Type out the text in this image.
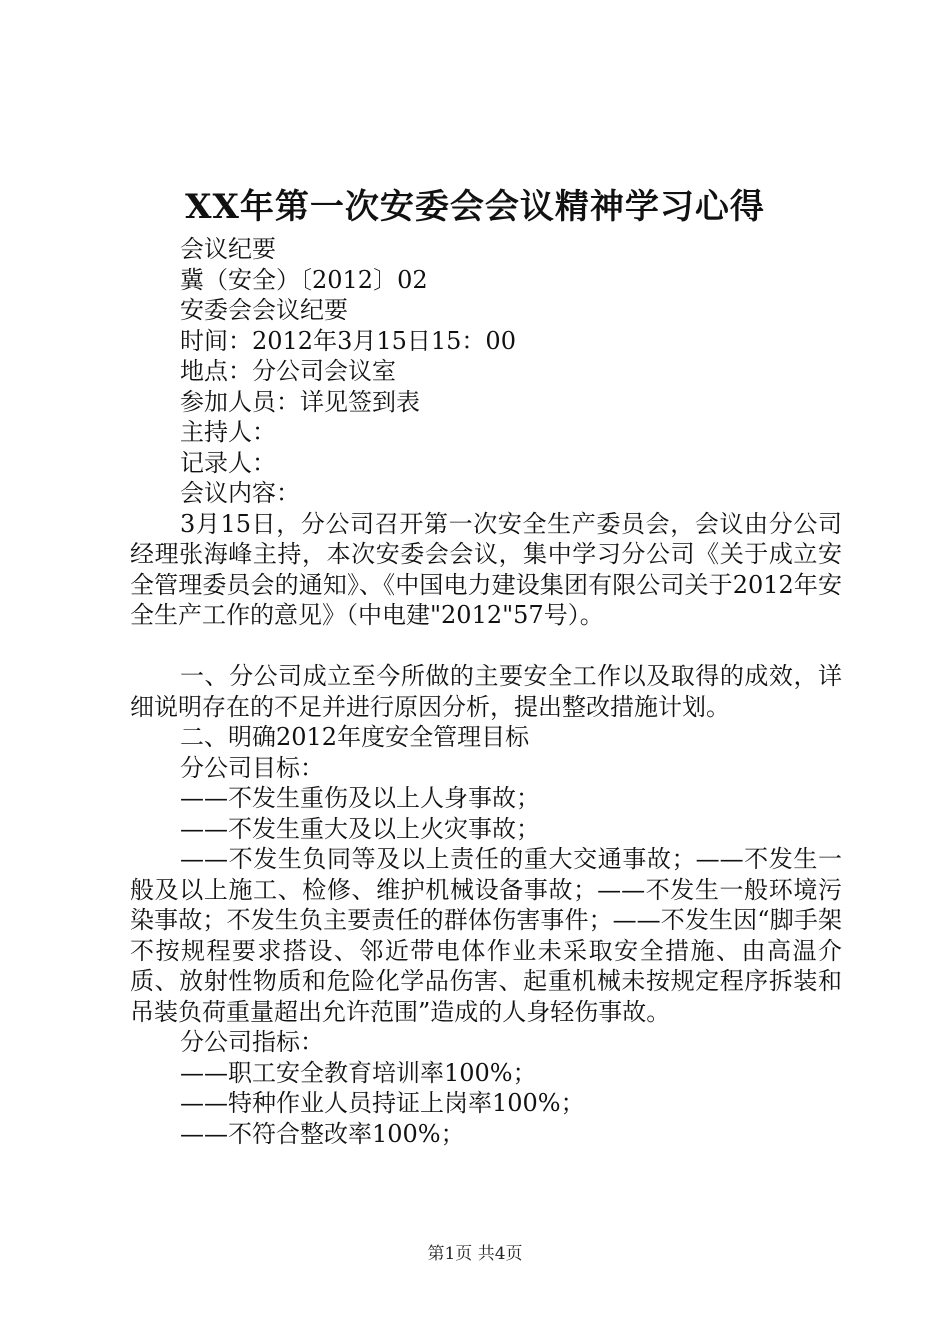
XX年第一次安委会会议精神学习心得
会议纪要
冀（安全）〔2012〕02
安委会会议纪要
时间：2012年3月15日15：00
地点：分公司会议室
参加人员：详见签到表
主持人：
记录人：
会议内容：
3月15日，分公司召开第一次安全生产委员会，会议由分公司经理张海峰主持，本次安委会会议，集中学习分公司《关于成立安全管理委员会的通知》、《中国电力建设集团有限公司关于2012年安全生产工作的意见》（中电建"2012"57号）。
一、分公司成立至今所做的主要安全工作以及取得的成效，详细说明存在的不足并进行原因分析，提出整改措施计划。
二、明确2012年度安全管理目标
分公司目标：
——不发生重伤及以上人身事故；
——不发生重大及以上火灾事故；
——不发生负同等及以上责任的重大交通事故；——不发生一般及以上施工、检修、维护机械设备事故；——不发生一般环境污染事故；不发生负主要责任的群体伤害事件；——不发生因“脚手架不按规程要求搭设、邻近带电体作业未采取安全措施、由高温介质、放射性物质和危险化学品伤害、起重机械未按规定程序拆装和吊装负荷重量超出允许范围”造成的人身轻伤事故。
分公司指标：
——职工安全教育培训率100%；
——特种作业人员持证上岗率100%；
——不符合整改率100%；
第1页 共4页
